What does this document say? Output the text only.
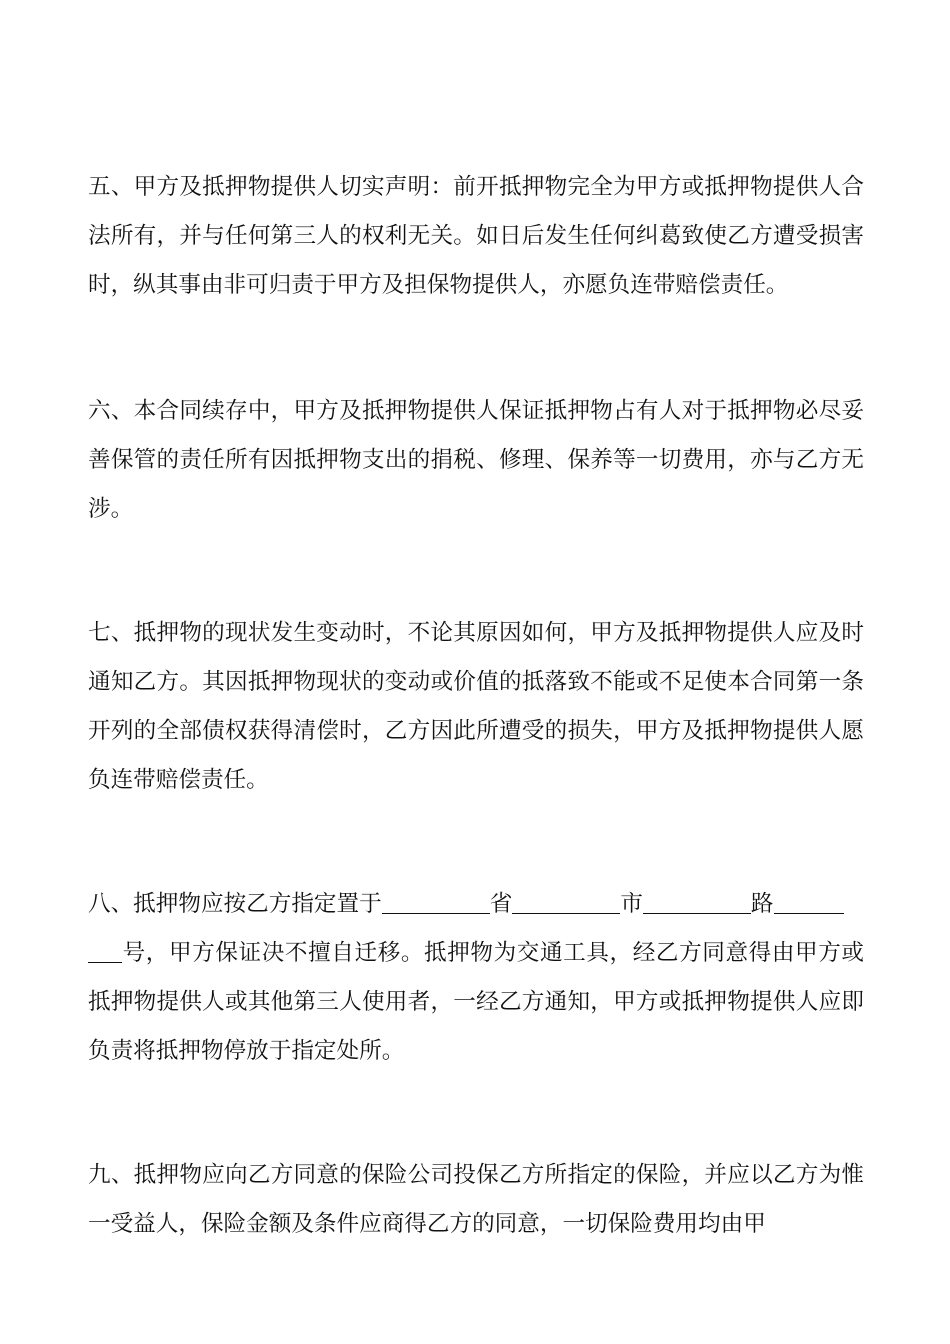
五、甲方及抵押物提供人切实声明：前开抵押物完全为甲方或抵押物提供人合法所有，并与任何第三人的权利无关。如日后发生任何纠葛致使乙方遭受损害时，纵其事由非可归责于甲方及担保物提供人，亦愿负连带赔偿责任。

六、本合同续存中，甲方及抵押物提供人保证抵押物占有人对于抵押物必尽妥善保管的责任所有因抵押物支出的捐税、修理、保养等一切费用，亦与乙方无涉。

七、抵押物的现状发生变动时，不论其原因如何，甲方及抵押物提供人应及时通知乙方。其因抵押物现状的变动或价值的抵落致不能或不足使本合同第一条开列的全部债权获得清偿时，乙方因此所遭受的损失，甲方及抵押物提供人愿负连带赔偿责任。

八、抵押物应按乙方指定置于	省	市	路
号，甲方保证决不擅自迁移。抵押物为交通工具，经乙方同意得由甲方或抵押物提供人或其他第三人使用者，一经乙方通知，甲方或抵押物提供人应即负责将抵押物停放于指定处所。

九、抵押物应向乙方同意的保险公司投保乙方所指定的保险，并应以乙方为惟一受益人，保险金额及条件应商得乙方的同意，一切保险费用均由甲
